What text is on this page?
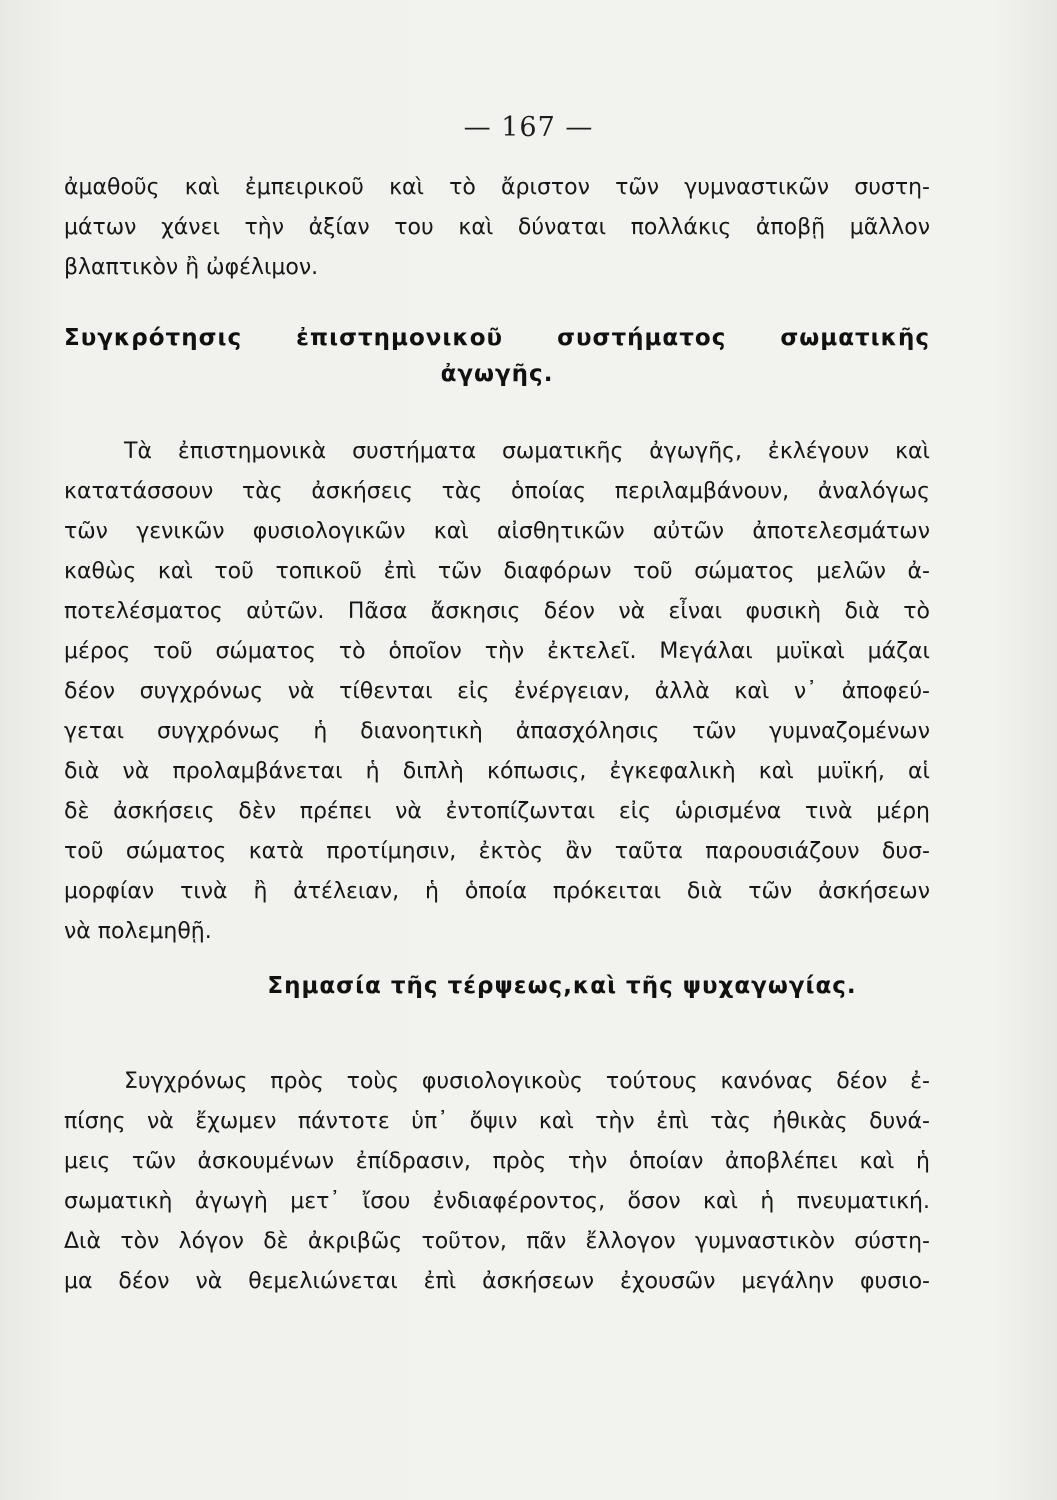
— 167 —
ἀμαθοῦς καὶ ἐμπειρικοῦ καὶ τὸ ἄριστον τῶν γυμναστικῶν συστη-
μάτων χάνει τὴν ἀξίαν του καὶ δύναται πολλάκις ἀποβῇ μᾶλλον
βλαπτικὸν ἢ ὠφέλιμον.
Συγκρότησις ἐπιστημονικοῦ συστήματος σωματικῆς
ἀγωγῆς.
Τὰ ἐπιστημονικὰ συστήματα σωματικῆς ἀγωγῆς, ἐκλέγουν καὶ
κατατάσσουν τὰς ἀσκήσεις τὰς ὁποίας περιλαμβάνουν, ἀναλόγως
τῶν γενικῶν φυσιολογικῶν καὶ αἰσθητικῶν αὐτῶν ἀποτελεσμάτων
καθὼς καὶ τοῦ τοπικοῦ ἐπὶ τῶν διαφόρων τοῦ σώματος μελῶν ἀ-
ποτελέσματος αὐτῶν. Πᾶσα ἄσκησις δέον νὰ εἶναι φυσικὴ διὰ τὸ
μέρος τοῦ σώματος τὸ ὁποῖον τὴν ἐκτελεῖ. Μεγάλαι μυϊκαὶ μάζαι
δέον συγχρόνως νὰ τίθενται εἰς ἐνέργειαν, ἀλλὰ καὶ ν᾽ ἀποφεύ-
γεται συγχρόνως ἡ διανοητικὴ ἀπασχόλησις τῶν γυμναζομένων
διὰ νὰ προλαμβάνεται ἡ διπλὴ κόπωσις, ἐγκεφαλικὴ καὶ μυϊκή, αἱ
δὲ ἀσκήσεις δὲν πρέπει νὰ ἐντοπίζωνται εἰς ὡρισμένα τινὰ μέρη
τοῦ σώματος κατὰ προτίμησιν, ἐκτὸς ἂν ταῦτα παρουσιάζουν δυσ-
μορφίαν τινὰ ἢ ἀτέλειαν, ἡ ὁποία πρόκειται διὰ τῶν ἀσκήσεων
νὰ πολεμηθῇ.
Σημασία τῆς τέρψεως,καὶ τῆς ψυχαγωγίας.
Συγχρόνως πρὸς τοὺς φυσιολογικοὺς τούτους κανόνας δέον ἐ-
πίσης νὰ ἔχωμεν πάντοτε ὑπ᾽ ὄψιν καὶ τὴν ἐπὶ τὰς ἠθικὰς δυνά-
μεις τῶν ἀσκουμένων ἐπίδρασιν, πρὸς τὴν ὁποίαν ἀποβλέπει καὶ ἡ
σωματικὴ ἀγωγὴ μετ᾽ ἴσου ἐνδιαφέροντος, ὅσον καὶ ἡ πνευματική.
Διὰ τὸν λόγον δὲ ἀκριβῶς τοῦτον, πᾶν ἔλλογον γυμναστικὸν σύστη-
μα δέον νὰ θεμελιώνεται ἐπὶ ἀσκήσεων ἐχουσῶν μεγάλην φυσιο-
